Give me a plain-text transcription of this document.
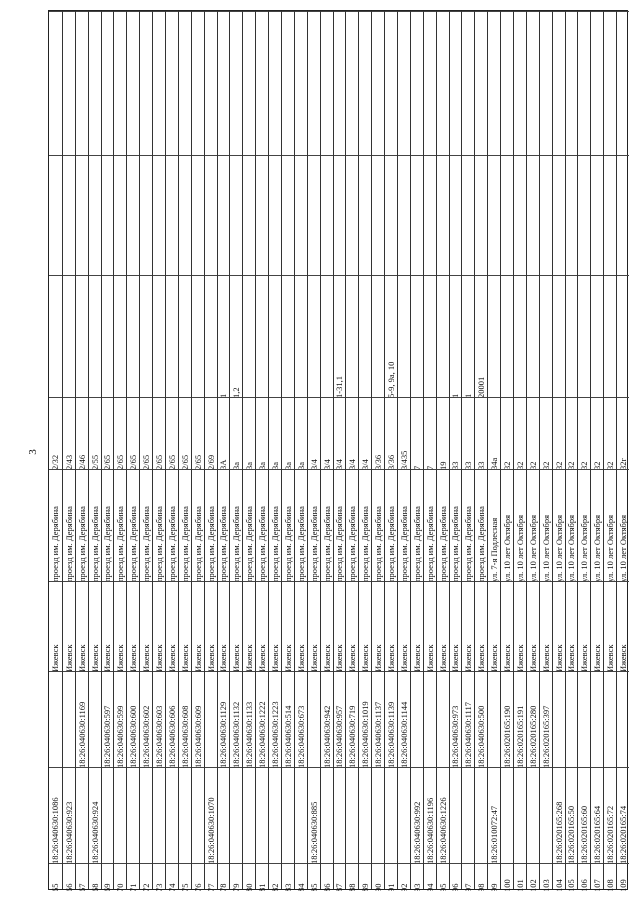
3
65
18:26:040630:1086
Ижевск
проезд им. Дерябина
2/32
66
18:26:040630:923
Ижевск
проезд им. Дерябина
2/43
67
18:26:040630:1169
Ижевск
проезд им. Дерябина
2/46
68
18:26:040630:924
Ижевск
проезд им. Дерябина
2/55
69
18:26:040630:597
Ижевск
проезд им. Дерябина
2/65
70
18:26:040630:599
Ижевск
проезд им. Дерябина
2/65
71
18:26:040630:600
Ижевск
проезд им. Дерябина
2/65
72
18:26:040630:602
Ижевск
проезд им. Дерябина
2/65
73
18:26:040630:603
Ижевск
проезд им. Дерябина
2/65
74
18:26:040630:606
Ижевск
проезд им. Дерябина
2/65
75
18:26:040630:608
Ижевск
проезд им. Дерябина
2/65
76
18:26:040630:609
Ижевск
проезд им. Дерябина
2/65
77
18:26:040630:1070
Ижевск
проезд им. Дерябина
2/69
78
18:26:040630:1129
Ижевск
проезд им. Дерябина
3А
1
79
18:26:040630:1132
Ижевск
проезд им. Дерябина
3а
1,2
80
18:26:040630:1133
Ижевск
проезд им. Дерябина
3а
81
18:26:040630:1222
Ижевск
проезд им. Дерябина
3а
82
18:26:040630:1223
Ижевск
проезд им. Дерябина
3а
83
18:26:040630:514
Ижевск
проезд им. Дерябина
3а
84
18:26:040630:673
Ижевск
проезд им. Дерябина
3а
85
18:26:040630:885
Ижевск
проезд им. Дерябина
3/4
86
18:26:040630:942
Ижевск
проезд им. Дерябина
3/4
87
18:26:040630:957
Ижевск
проезд им. Дерябина
3/4
1-31,1
88
18:26:040630:719
Ижевск
проезд им. Дерябина
3/4
89
18:26:040630:1019
Ижевск
проезд им. Дерябина
3/4
90
18:26:040630:1137
Ижевск
проезд им. Дерябина
3/36
91
18:26:040630:1139
Ижевск
проезд им. Дерябина
3/36
5-9, 9а, 10
92
18:26:040630:1144
Ижевск
проезд им. Дерябина
3/435
93
18:26:040630:992
Ижевск
проезд им. Дерябина
7
94
18:26:040630:1196
Ижевск
проезд им. Дерябина
7
95
18:26:040630:1226
Ижевск
проезд им. Дерябина
19
96
18:26:040630:973
Ижевск
проезд им. Дерябина
33
1
97
18:26:040630:1117
Ижевск
проезд им. Дерябина
33
1
98
18:26:040630:500
Ижевск
проезд им. Дерябина
33
20001
99
18:26:010072:47
Ижевск
ул. 7-я Подлесная
34а
100
18:26:020165:190
Ижевск
ул. 10 лет Октября
32
101
18:26:020165:191
Ижевск
ул. 10 лет Октября
32
102
18:26:020165:280
Ижевск
ул. 10 лет Октября
32
103
18:26:020165:397
Ижевск
ул. 10 лет Октября
32
104
18:26:020165:268
Ижевск
ул. 10 лет Октября
32
105
18:26:020165:50
Ижевск
ул. 10 лет Октября
32
106
18:26:020165:60
Ижевск
ул. 10 лет Октября
32
107
18:26:020165:64
Ижевск
ул. 10 лет Октября
32
108
18:26:020165:72
Ижевск
ул. 10 лет Октября
32
109
18:26:020165:74
Ижевск
ул. 10 лет Октября
32г
